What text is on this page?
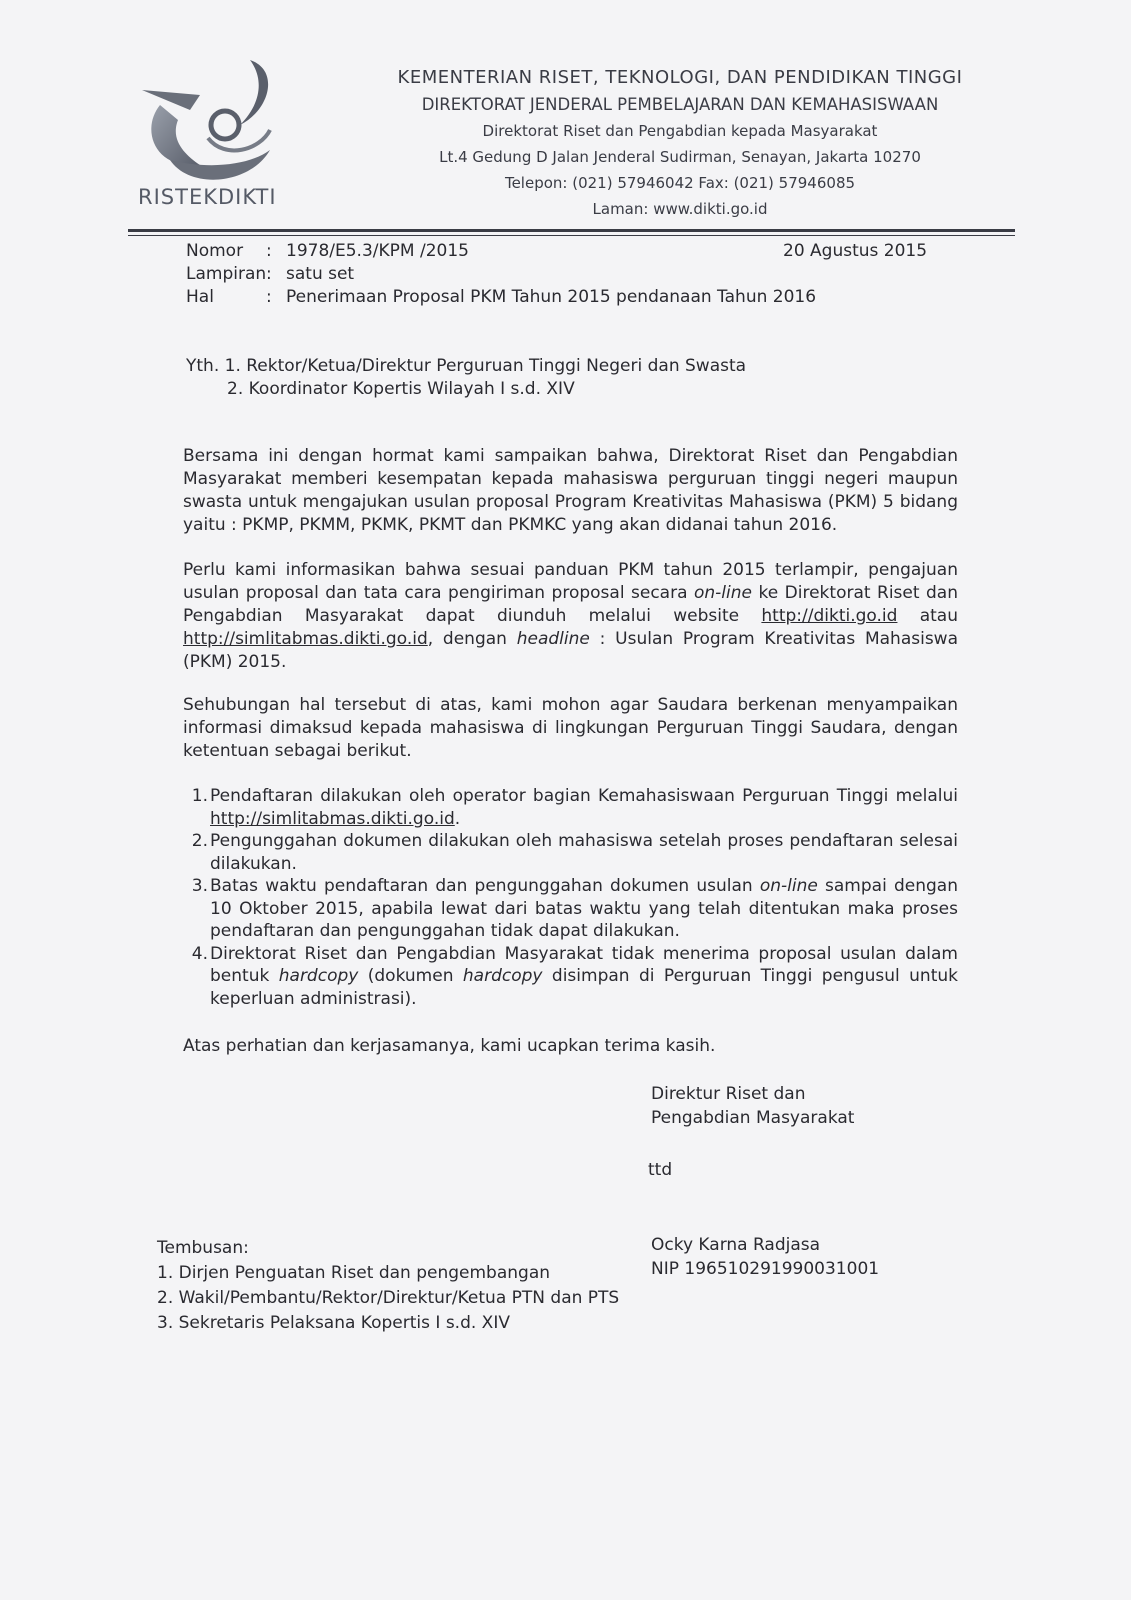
RISTEKDIKTI
KEMENTERIAN RISET, TEKNOLOGI, DAN PENDIDIKAN TINGGI
DIREKTORAT JENDERAL PEMBELAJARAN DAN KEMAHASISWAAN
Direktorat Riset dan Pengabdian kepada Masyarakat
Lt.4 Gedung D Jalan Jenderal Sudirman, Senayan, Jakarta 10270
Telepon: (021) 57946042 Fax: (021) 57946085
Laman: www.dikti.go.id
Nomor	: 1978/E5.3/KPM /2015
Lampiran : satu set
Hal	: Penerimaan Proposal PKM Tahun 2015 pendanaan Tahun 2016
20 Agustus 2015
Yth. 1. Rektor/Ketua/Direktur Perguruan Tinggi Negeri dan Swasta
2. Koordinator Kopertis Wilayah I s.d. XIV
Bersama ini dengan hormat kami sampaikan bahwa, Direktorat Riset dan Pengabdian Masyarakat memberi kesempatan kepada mahasiswa perguruan tinggi negeri maupun swasta untuk mengajukan usulan proposal Program Kreativitas Mahasiswa (PKM) 5 bidang yaitu : PKMP, PKMM, PKMK, PKMT dan PKMKC yang akan didanai tahun 2016.
Perlu kami informasikan bahwa sesuai panduan PKM tahun 2015 terlampir, pengajuan usulan proposal dan tata cara pengiriman proposal secara on-line ke Direktorat Riset dan Pengabdian Masyarakat dapat diunduh melalui website http://dikti.go.id atau http://simlitabmas.dikti.go.id, dengan headline : Usulan Program Kreativitas Mahasiswa (PKM) 2015.
Sehubungan hal tersebut di atas, kami mohon agar Saudara berkenan menyampaikan informasi dimaksud kepada mahasiswa di lingkungan Perguruan Tinggi Saudara, dengan ketentuan sebagai berikut.
1. Pendaftaran dilakukan oleh operator bagian Kemahasiswaan Perguruan Tinggi melalui http://simlitabmas.dikti.go.id.
2. Pengunggahan dokumen dilakukan oleh mahasiswa setelah proses pendaftaran selesai dilakukan.
3. Batas waktu pendaftaran dan pengunggahan dokumen usulan on-line sampai dengan 10 Oktober 2015, apabila lewat dari batas waktu yang telah ditentukan maka proses pendaftaran dan pengunggahan tidak dapat dilakukan.
4. Direktorat Riset dan Pengabdian Masyarakat tidak menerima proposal usulan dalam bentuk hardcopy (dokumen hardcopy disimpan di Perguruan Tinggi pengusul untuk keperluan administrasi).
Atas perhatian dan kerjasamanya, kami ucapkan terima kasih.
Direktur Riset dan
Pengabdian Masyarakat
ttd
Ocky Karna Radjasa
NIP 196510291990031001
Tembusan:
1. Dirjen Penguatan Riset dan pengembangan
2. Wakil/Pembantu/Rektor/Direktur/Ketua PTN dan PTS
3. Sekretaris Pelaksana Kopertis I s.d. XIV
